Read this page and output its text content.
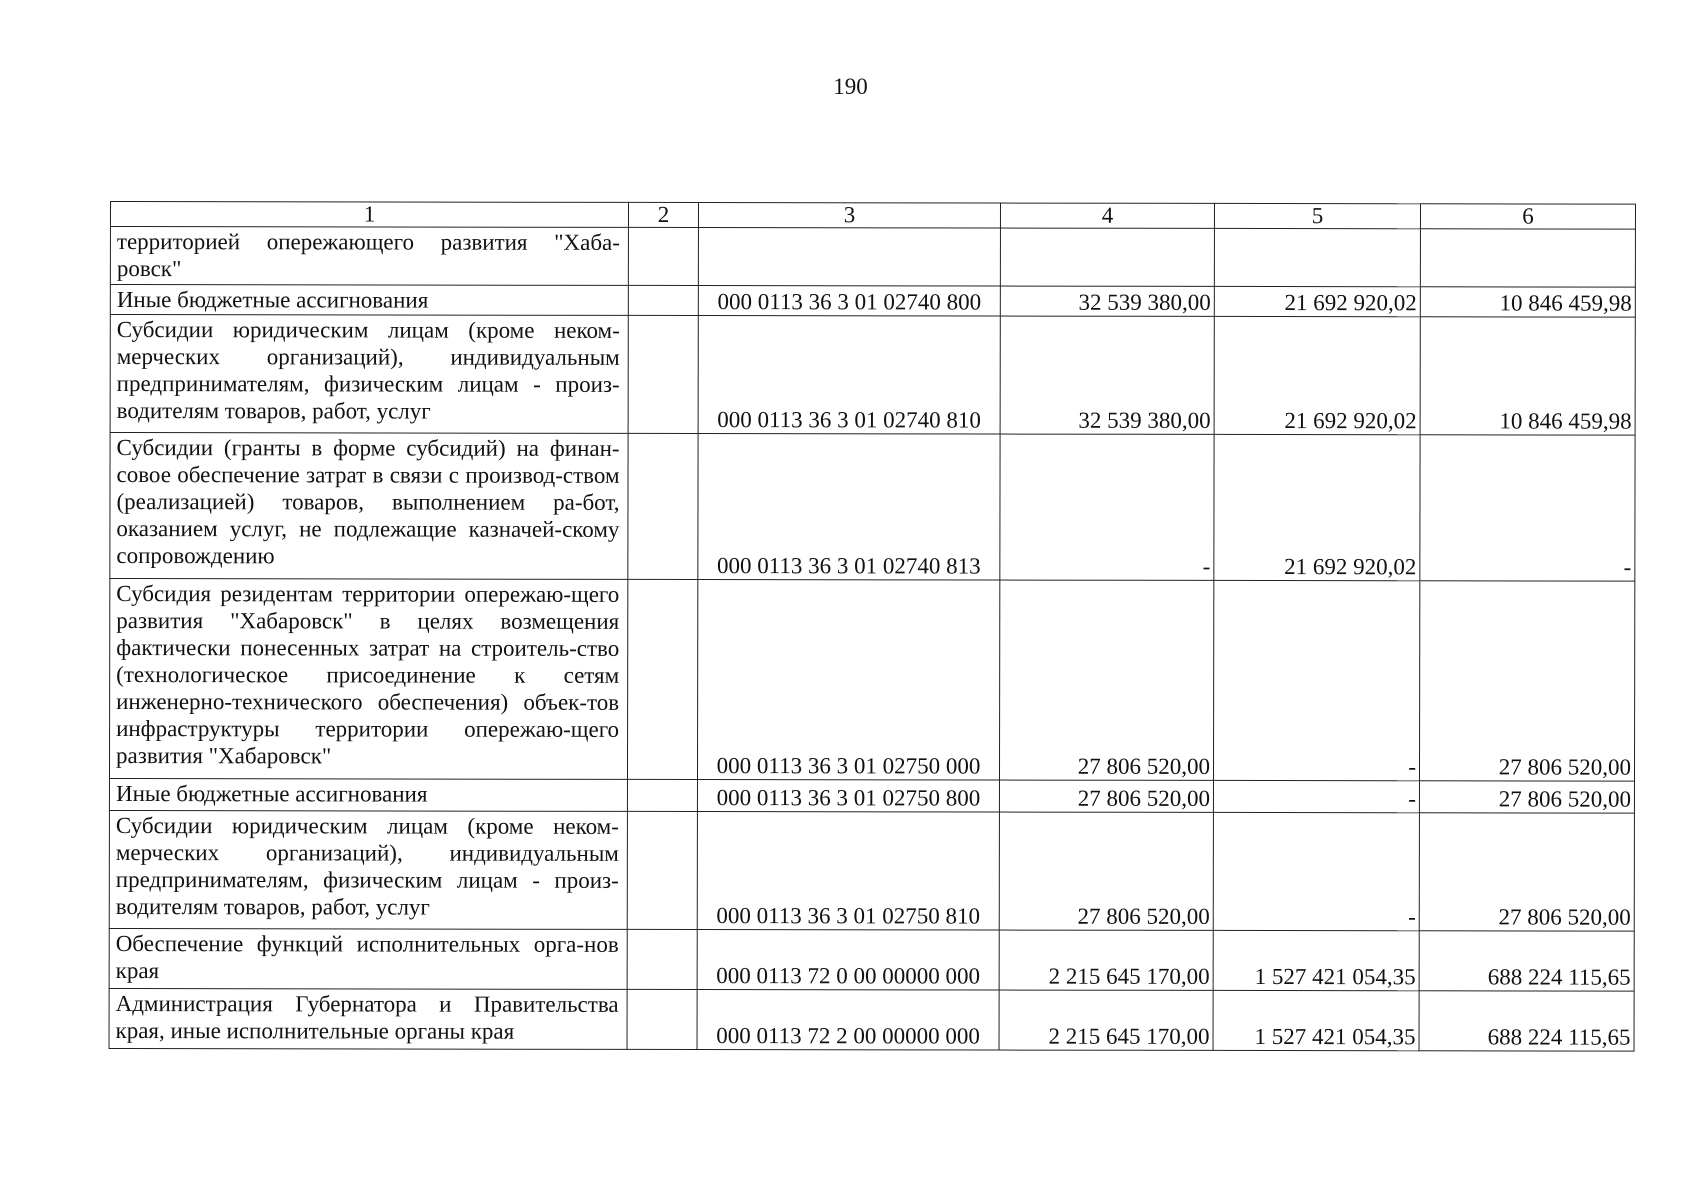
190
1	2	3	4	5	6
территорией опережающего развития "Хаба-ровск"					
Иные бюджетные ассигнования		000 0113 36 3 01 02740 800	32 539 380,00	21 692 920,02	10 846 459,98
Субсидии юридическим лицам (кроме неком-мерческих организаций), индивидуальным предпринимателям, физическим лицам - произ-водителям товаров, работ, услуг		000 0113 36 3 01 02740 810	32 539 380,00	21 692 920,02	10 846 459,98
Субсидии (гранты в форме субсидий) на финан-совое обеспечение затрат в связи с производ-ством (реализацией) товаров, выполнением ра-бот, оказанием услуг, не подлежащие казначей-скому сопровождению		000 0113 36 3 01 02740 813	-	21 692 920,02	-
Субсидия резидентам территории опережаю-щего развития "Хабаровск" в целях возмещения фактически понесенных затрат на строитель-ство (технологическое присоединение к сетям инженерно-технического обеспечения) объек-тов инфраструктуры территории опережаю-щего развития "Хабаровск"		000 0113 36 3 01 02750 000	27 806 520,00	-	27 806 520,00
Иные бюджетные ассигнования		000 0113 36 3 01 02750 800	27 806 520,00	-	27 806 520,00
Субсидии юридическим лицам (кроме неком-мерческих организаций), индивидуальным предпринимателям, физическим лицам - произ-водителям товаров, работ, услуг		000 0113 36 3 01 02750 810	27 806 520,00	-	27 806 520,00
Обеспечение функций исполнительных орга-нов края		000 0113 72 0 00 00000 000	2 215 645 170,00	1 527 421 054,35	688 224 115,65
Администрация Губернатора и Правительства края, иные исполнительные органы края		000 0113 72 2 00 00000 000	2 215 645 170,00	1 527 421 054,35	688 224 115,65
